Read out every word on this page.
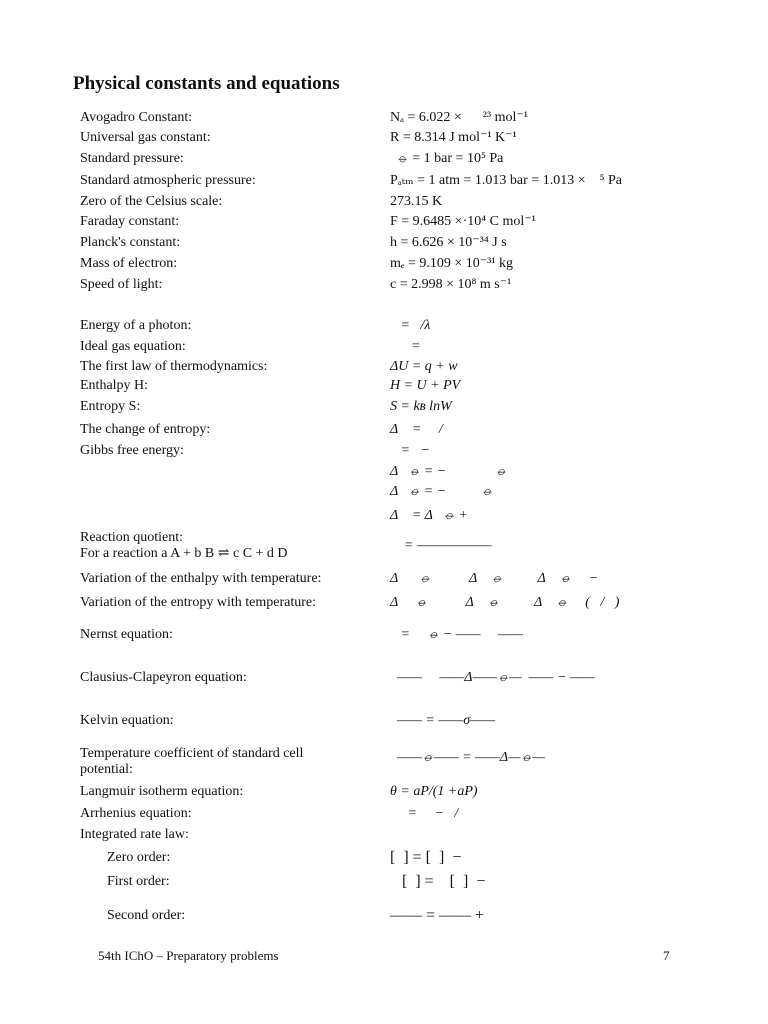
Physical constants and equations
Avogadro Constant:	Nₐ = 6.022 ×      ²³ mol⁻¹
Universal gas constant:	R = 8.314 J mol⁻¹ K⁻¹
Standard pressure:	⦵ = 1 bar = 10⁵ Pa
Standard atmospheric pressure:	Pₐₜₘ = 1 atm = 1.013 bar = 1.013 ×    ⁵ Pa
Zero of the Celsius scale:	273.15 K
Faraday constant:	F = 9.6485 ×·10⁴ C mol⁻¹
Planck's constant:	h = 6.626 × 10⁻³⁴ J s
Mass of electron:	mₑ = 9.109 × 10⁻³¹ kg
Speed of light:	c = 2.998 × 10⁸ m s⁻¹
Energy of a photon:	=   /λ
Ideal gas equation:	=
The first law of thermodynamics:	ΔU = q + w
Enthalpy H:	H = U + PV
Entropy S:	S = kʙ lnW
The change of entropy:	Δ    =     /
Gibbs free energy:	=   −
Δ   ⦵ = −              ⦵
Δ   ⦵ = −          ⦵
Δ    = Δ   ⦵ +
Reaction quotient:
For a reaction a A + b B ⇌ c C + d D
= ——————
Variation of the enthalpy with temperature:	Δ      ⦵           Δ    ⦵          Δ    ⦵     −
Variation of the entropy with temperature:	Δ     ⦵           Δ    ⦵          Δ    ⦵     (   /   )
Nernst equation:	=     ⦵ − ——     ——
Clausius-Clapeyron equation:	——     ——Δ——⦵—  —— − ——
Kelvin equation:	—— = ——σ——
Temperature coefficient of standard cell potential:
——⦵—— = ——Δ—⦵—
Langmuir isotherm equation:	θ = aP/(1 +aP)
Arrhenius equation:	=     −   /
Integrated rate law:
Zero order:	[  ] = [  ]  −
First order:	[  ] =    [  ]  −
Second order:	—— = —— +
54th IChO – Preparatory problems	7
